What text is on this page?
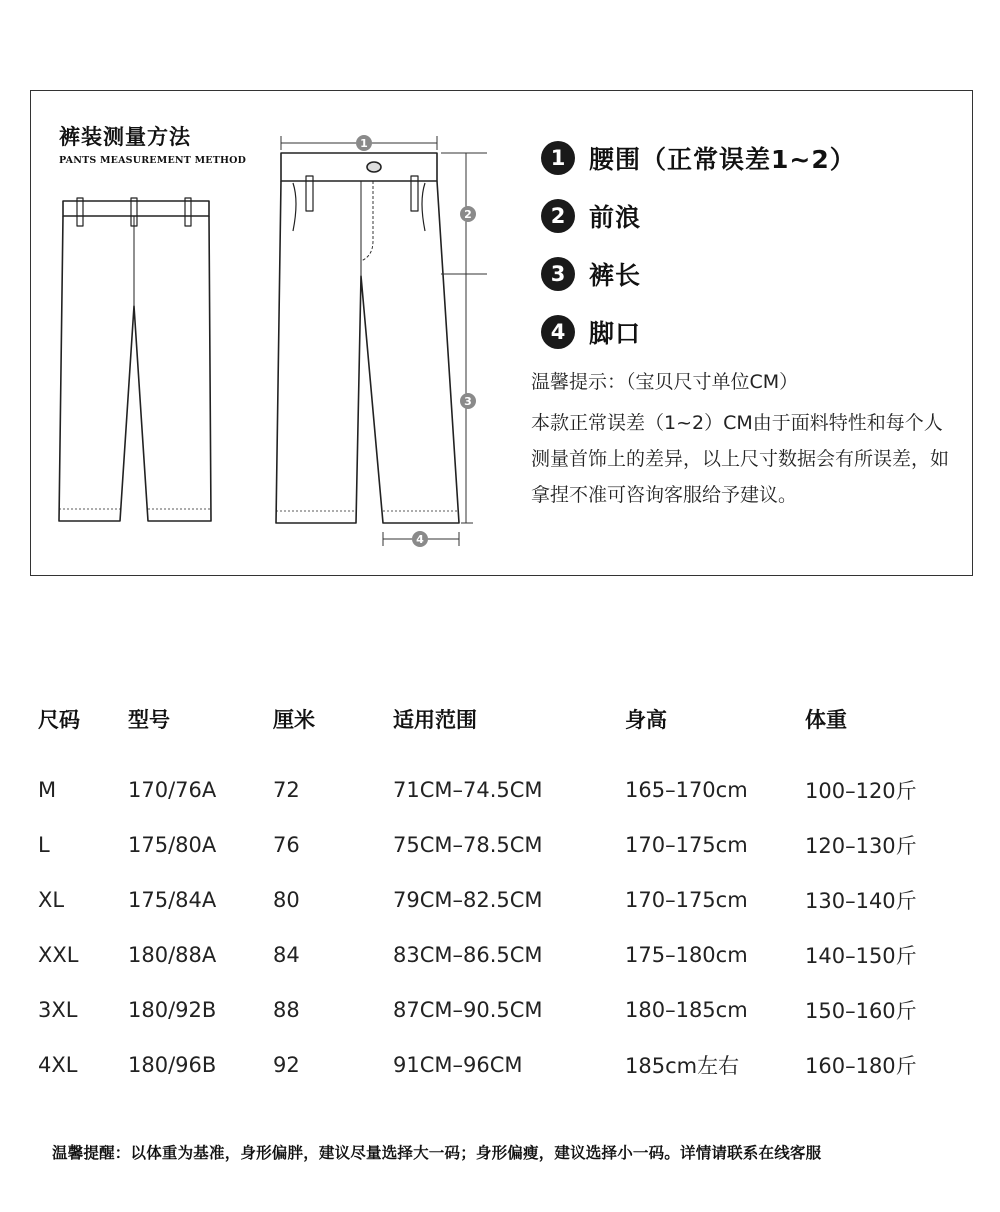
裤装测量方法
PANTS MEASUREMENT METHOD
1
2
3
4
1 腰围（正常误差1~2）
2 前浪
3 裤长
4 脚口
温馨提示：（宝贝尺寸单位CM）

本款正常误差（1~2）CM由于面料特性和每个人测量首饰上的差异，以上尺寸数据会有所误差，如拿捏不准可咨询客服给予建议。

尺码	型号	厘米	适用范围	身高	体重
M	170/76A	72	71CM–74.5CM	165–170cm	100–120斤
L	175/80A	76	75CM–78.5CM	170–175cm	120–130斤
XL	175/84A	80	79CM–82.5CM	170–175cm	130–140斤
XXL	180/88A	84	83CM–86.5CM	175–180cm	140–150斤
3XL	180/92B	88	87CM–90.5CM	180–185cm	150–160斤
4XL	180/96B	92	91CM–96CM	185cm左右	160–180斤
温馨提醒：以体重为基准，身形偏胖，建议尽量选择大一码；身形偏瘦，建议选择小一码。详情请联系在线客服
